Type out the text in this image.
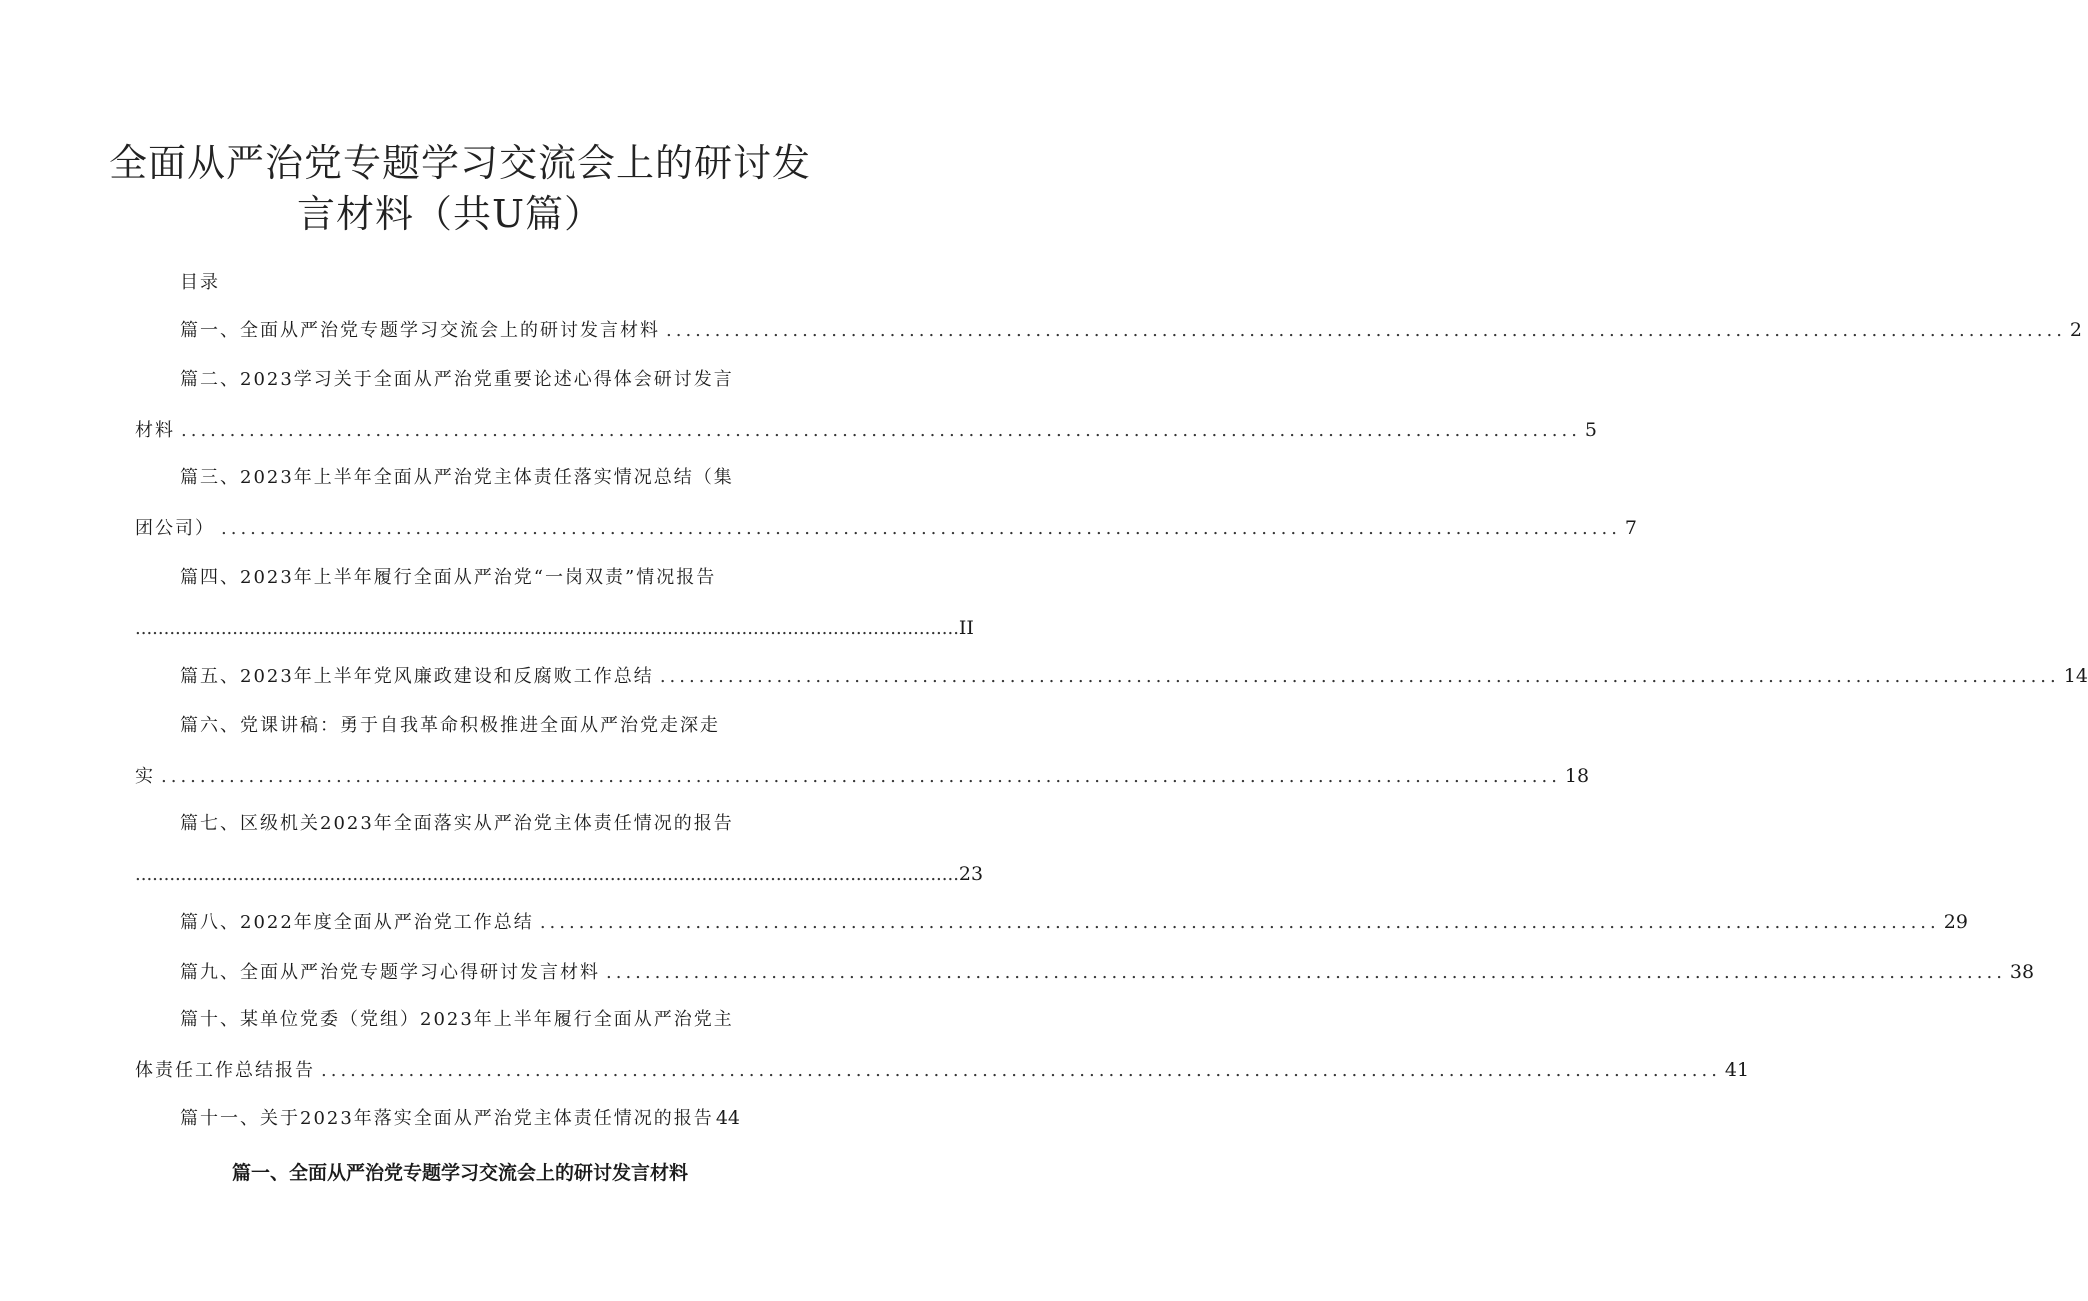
全面从严治党专题学习交流会上的研讨发
言材料（共U篇）
目录
篇一、全面从严治党专题学习交流会上的研讨发言材料 ................................................................................................................................................ 2
篇二、2023学习关于全面从严治党重要论述心得体会研讨发言
材料 ................................................................................................................................................ 5
篇三、2023年上半年全面从严治党主体责任落实情况总结（集
团公司） ................................................................................................................................................ 7
篇四、2023年上半年履行全面从严治党“一岗双责”情况报告
................................................................................................................................................ II
篇五、2023年上半年党风廉政建设和反腐败工作总结 ................................................................................................................................................ 14
篇六、党课讲稿：勇于自我革命积极推进全面从严治党走深走
实 ................................................................................................................................................ 18
篇七、区级机关2023年全面落实从严治党主体责任情况的报告
................................................................................................................................................ 23
篇八、2022年度全面从严治党工作总结 ................................................................................................................................................ 29
篇九、全面从严治党专题学习心得研讨发言材料 ................................................................................................................................................ 38
篇十、某单位党委（党组）2023年上半年履行全面从严治党主
体责任工作总结报告 ................................................................................................................................................ 41
篇十一、关于2023年落实全面从严治党主体责任情况的报告 44
篇一、全面从严治党专题学习交流会上的研讨发言材料
